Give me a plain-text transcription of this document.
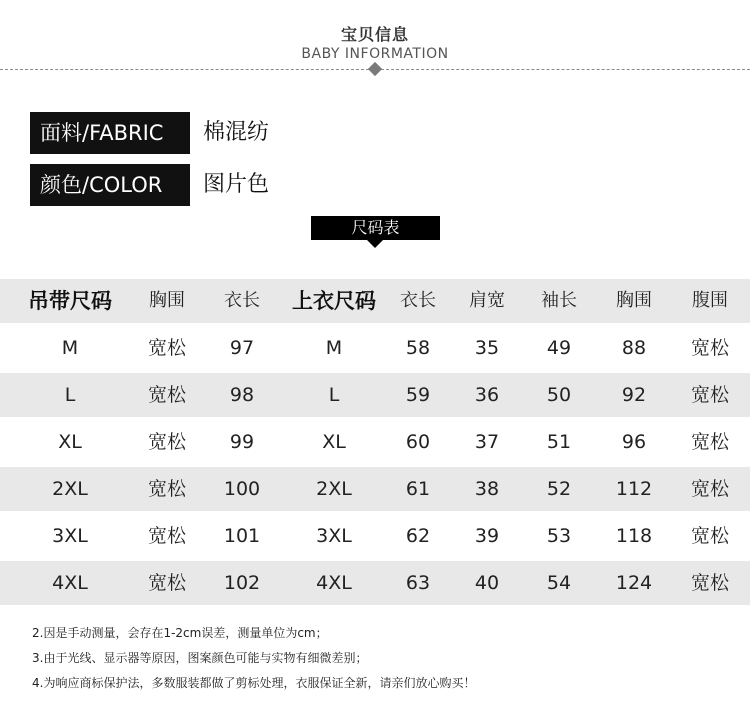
宝贝信息
BABY INFORMATION
面料/FABRIC	棉混纺
颜色/COLOR	图片色
尺码表
吊带尺码	胸围	衣长	上衣尺码	衣长	肩宽	袖长	胸围	腹围
M	宽松	97	M	58	35	49	88	宽松
L	宽松	98	L	59	36	50	92	宽松
XL	宽松	99	XL	60	37	51	96	宽松
2XL	宽松	100	2XL	61	38	52	112	宽松
3XL	宽松	101	3XL	62	39	53	118	宽松
4XL	宽松	102	4XL	63	40	54	124	宽松
2.因是手动测量，会存在1-2cm误差，测量单位为cm；
3.由于光线、显示器等原因，图案颜色可能与实物有细微差别；
4.为响应商标保护法，多数服装都做了剪标处理，衣服保证全新，请亲们放心购买！
